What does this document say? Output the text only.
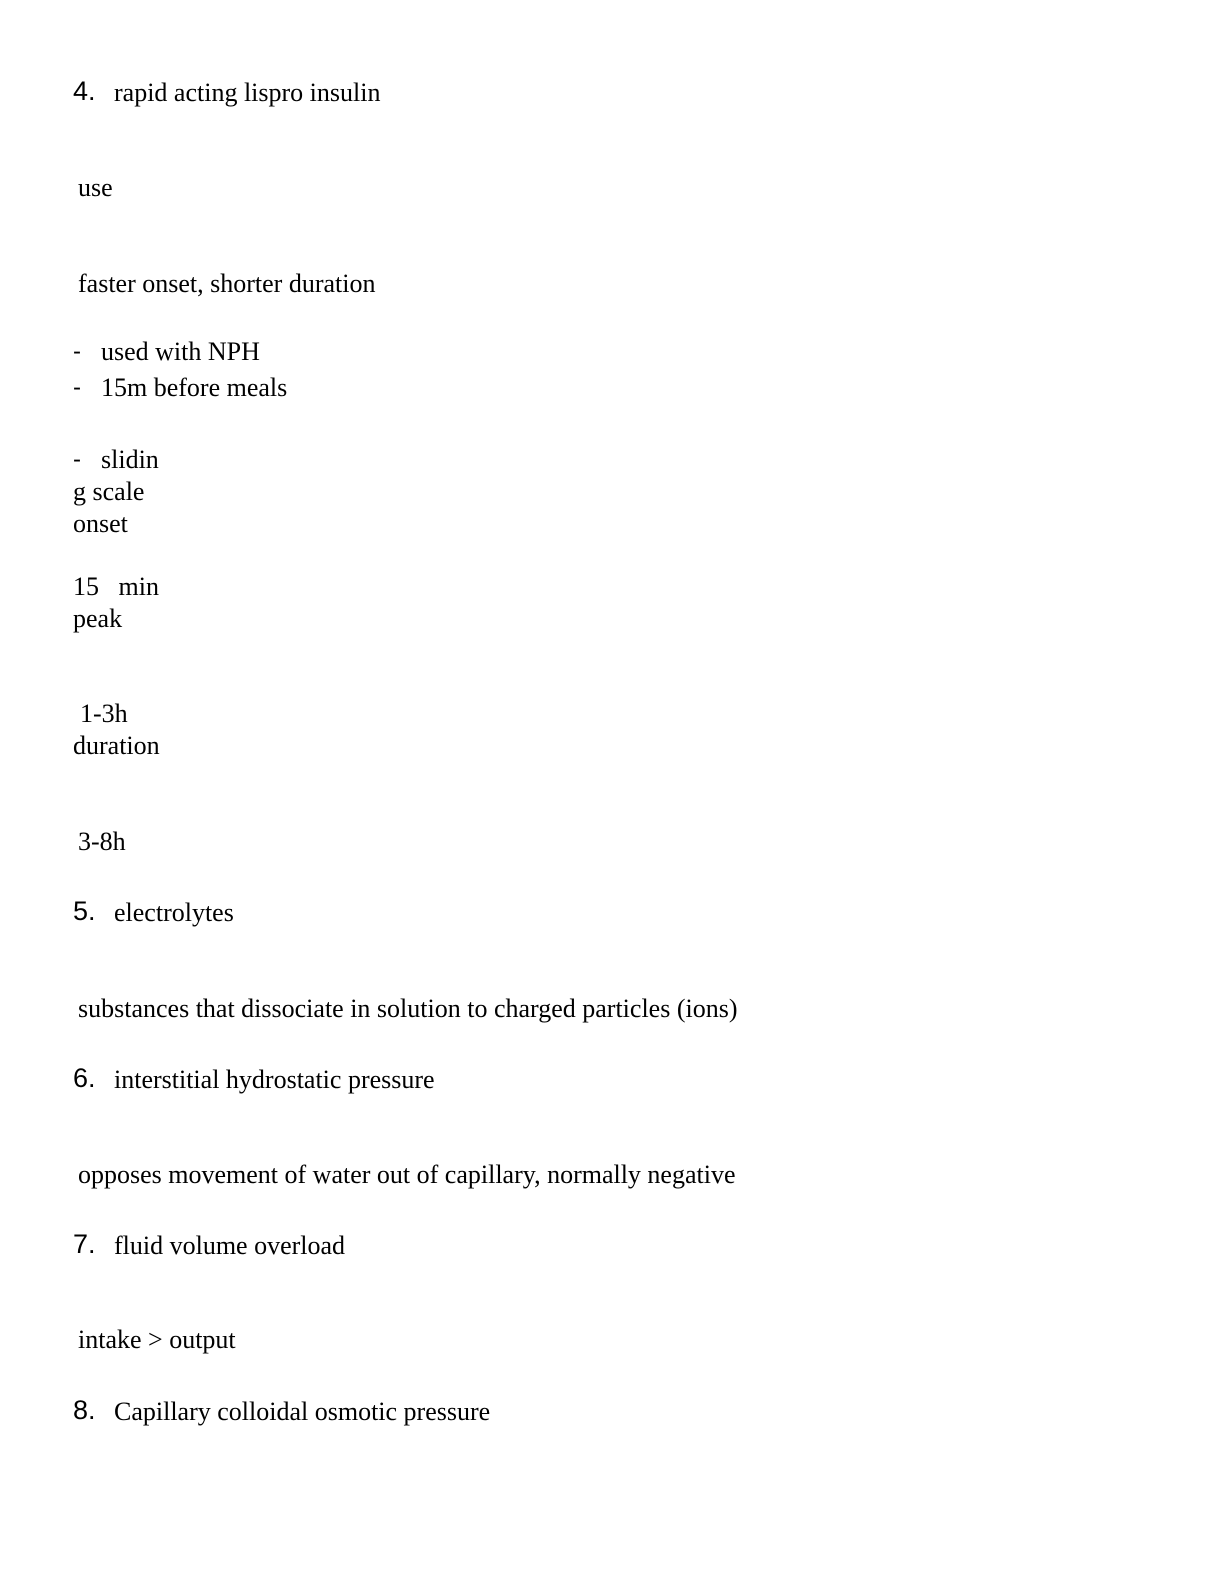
4. rapid acting lispro insulin
use
faster onset, shorter duration
- used with NPH
- 15m before meals
- slidin
g scale
onset
15   min
peak
1-3h
duration
3-8h
5. electrolytes
substances that dissociate in solution to charged particles (ions)
6. interstitial hydrostatic pressure
opposes movement of water out of capillary, normally negative
7. fluid volume overload
intake > output
8. Capillary colloidal osmotic pressure
